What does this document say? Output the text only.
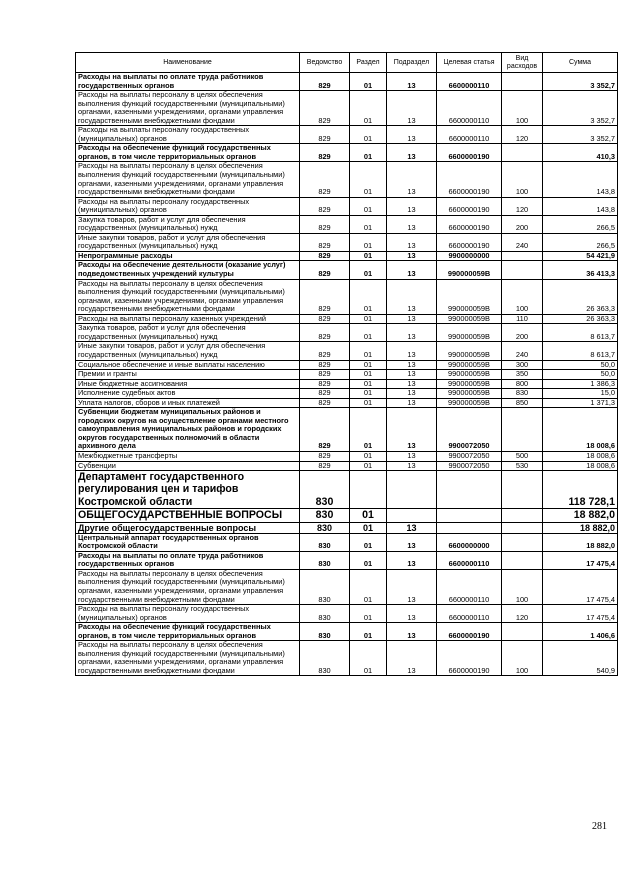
Наименование	Ведомство	Раздел	Подраздел	Целевая статья	Вид расходов	Сумма
Расходы на выплаты по оплате труда работников государственных органов	829	01	13	6600000110		3 352,7
Расходы на выплаты персоналу в целях обеспечения выполнения функций государственными (муниципальными) органами, казенными учреждениями, органами управления государственными внебюджетными фондами	829	01	13	6600000110	100	3 352,7
Расходы на выплаты персоналу государственных (муниципальных) органов	829	01	13	6600000110	120	3 352,7
Расходы на обеспечение функций государственных органов, в том числе территориальных органов	829	01	13	6600000190		410,3
Расходы на выплаты персоналу в целях обеспечения выполнения функций государственными (муниципальными) органами, казенными учреждениями, органами управления государственными внебюджетными фондами	829	01	13	6600000190	100	143,8
Расходы на выплаты персоналу государственных (муниципальных) органов	829	01	13	6600000190	120	143,8
Закупка товаров, работ и услуг для обеспечения государственных (муниципальных) нужд	829	01	13	6600000190	200	266,5
Иные закупки товаров, работ и услуг для обеспечения государственных (муниципальных) нужд	829	01	13	6600000190	240	266,5
Непрограммные расходы	829	01	13	9900000000		54 421,9
Расходы на обеспечение деятельности (оказание услуг) подведомственных учреждений культуры	829	01	13	990000059В		36 413,3
Расходы на выплаты персоналу в целях обеспечения выполнения функций государственными (муниципальными) органами, казенными учреждениями, органами управления государственными внебюджетными фондами	829	01	13	990000059В	100	26 363,3
Расходы на выплаты персоналу казенных учреждений	829	01	13	990000059В	110	26 363,3
Закупка товаров, работ и услуг для обеспечения государственных (муниципальных) нужд	829	01	13	990000059В	200	8 613,7
Иные закупки товаров, работ и услуг для обеспечения государственных (муниципальных) нужд	829	01	13	990000059В	240	8 613,7
Социальное обеспечение и иные выплаты населению	829	01	13	990000059В	300	50,0
Премии и гранты	829	01	13	990000059В	350	50,0
Иные бюджетные ассигнования	829	01	13	990000059В	800	1 386,3
Исполнение судебных актов	829	01	13	990000059В	830	15,0
Уплата налогов, сборов и иных платежей	829	01	13	990000059В	850	1 371,3
Субвенции бюджетам муниципальных районов и городских округов на осуществление органами местного самоуправления муниципальных районов и городских округов государственных полномочий в области архивного дела	829	01	13	9900072050		18 008,6
Межбюджетные трансферты	829	01	13	9900072050	500	18 008,6
Субвенции	829	01	13	9900072050	530	18 008,6
Департамент государственного регулирования цен и тарифов Костромской области	830					118 728,1
ОБЩЕГОСУДАРСТВЕННЫЕ ВОПРОСЫ	830	01				18 882,0
Другие общегосударственные вопросы	830	01	13			18 882,0
Центральный аппарат государственных органов Костромской области	830	01	13	6600000000		18 882,0
Расходы на выплаты по оплате труда работников государственных органов	830	01	13	6600000110		17 475,4
Расходы на выплаты персоналу в целях обеспечения выполнения функций государственными (муниципальными) органами, казенными учреждениями, органами управления государственными внебюджетными фондами	830	01	13	6600000110	100	17 475,4
Расходы на выплаты персоналу государственных (муниципальных) органов	830	01	13	6600000110	120	17 475,4
Расходы на обеспечение функций государственных органов, в том числе территориальных органов	830	01	13	6600000190		1 406,6
Расходы на выплаты персоналу в целях обеспечения выполнения функций государственными (муниципальными) органами, казенными учреждениями, органами управления государственными внебюджетными фондами	830	01	13	6600000190	100	540,9
281
